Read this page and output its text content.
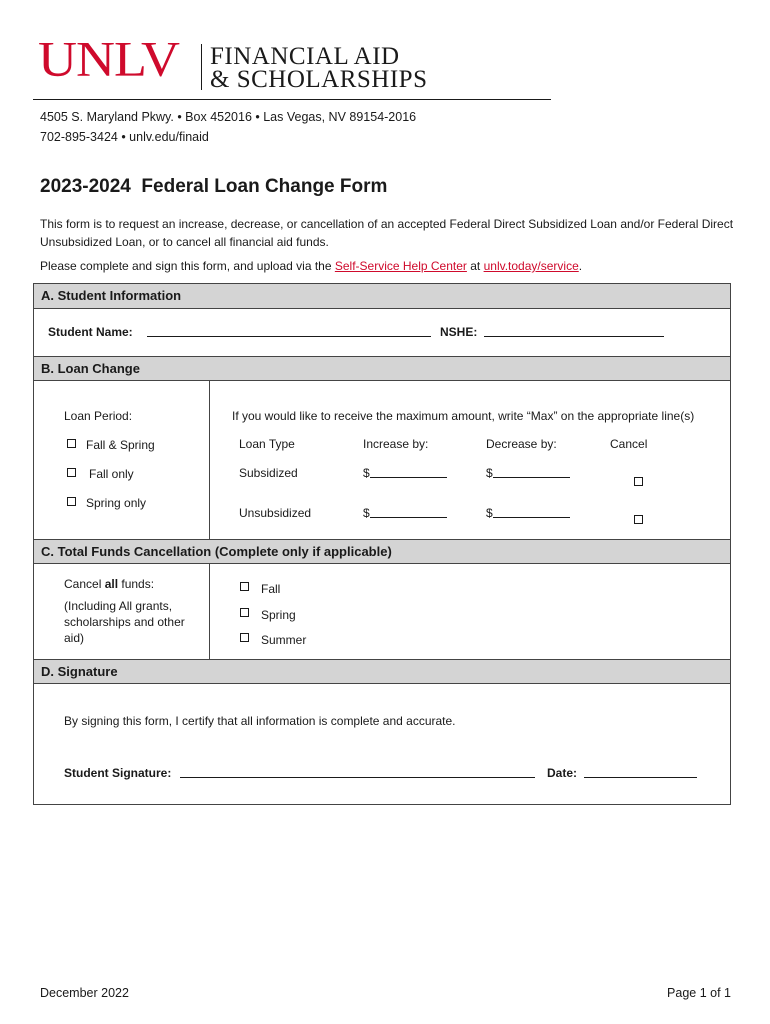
UNLV FINANCIAL AID
& SCHOLARSHIPS
4505 S. Maryland Pkwy. • Box 452016 • Las Vegas, NV 89154-2016
702-895-3424 • unlv.edu/finaid
2023-2024  Federal Loan Change Form
This form is to request an increase, decrease, or cancellation of an accepted Federal Direct Subsidized Loan and/or Federal Direct Unsubsidized Loan, or to cancel all financial aid funds.
Please complete and sign this form, and upload via the Self-Service Help Center at unlv.today/service.
A. Student Information
Student Name:	NSHE:
B. Loan Change
Loan Period:
Fall & Spring
Fall only
Spring only
If you would like to receive the maximum amount, write “Max” on the appropriate line(s)
Loan Type	Increase by:	Decrease by:	Cancel
Subsidized	$	$
Unsubsidized	$	$
C. Total Funds Cancellation (Complete only if applicable)
Cancel all funds:
(Including All grants,
scholarships and other
aid)
Fall
Spring
Summer
D. Signature
By signing this form, I certify that all information is complete and accurate.
Student Signature:	Date:
December 2022	Page 1 of 1
